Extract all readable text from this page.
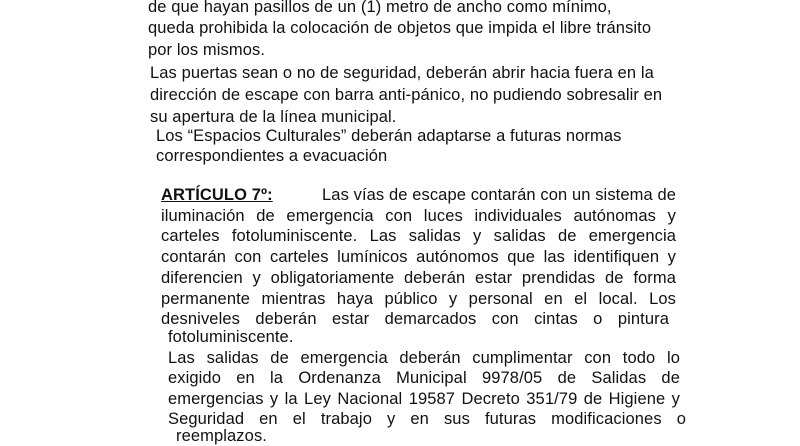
de que hayan pasillos de un (1) metro de ancho como mínimo,
queda prohibida la colocación de objetos que impida el libre tránsito
por los mismos.
Las puertas sean o no de seguridad, deberán abrir hacia fuera en la
dirección de escape con barra anti-pánico, no pudiendo sobresalir en
su apertura de la línea municipal.
Los “Espacios Culturales” deberán adaptarse a futuras normas
correspondientes a evacuación
ARTÍCULO 7º:	Las vías de escape contarán con un sistema de
iluminación de emergencia con luces individuales autónomas y
carteles fotoluminiscente. Las salidas y salidas de emergencia
contarán con carteles lumínicos autónomos que las identifiquen y
diferencien y obligatoriamente deberán estar prendidas de forma
permanente mientras haya público y personal en el local. Los
desniveles deberán estar demarcados con cintas o pintura
fotoluminiscente.
Las salidas de emergencia deberán cumplimentar con todo lo
exigido en la Ordenanza Municipal 9978/05 de Salidas de
emergencias y la Ley Nacional 19587 Decreto 351/79 de Higiene y
Seguridad en el trabajo y en sus futuras modificaciones o
reemplazos.
